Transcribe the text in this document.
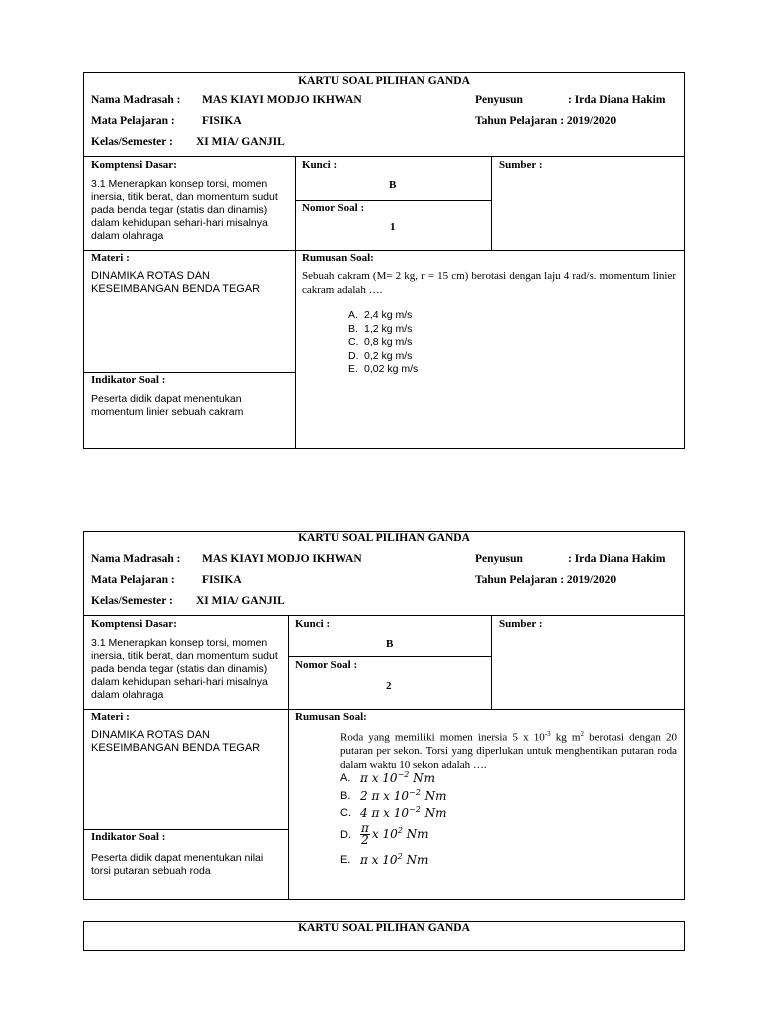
KARTU SOAL PILIHAN GANDA
Nama Madrasah : MAS KIAYI MODJO IKHWAN	Penyusun	: Irda Diana Hakim
Mata Pelajaran : FISIKA	Tahun Pelajaran : 2019/2020
Kelas/Semester : XI MIA/ GANJIL
Komptensi Dasar:
3.1 Menerapkan konsep torsi, momen inersia, titik berat, dan momentum sudut pada benda tegar (statis dan dinamis) dalam kehidupan sehari-hari misalnya dalam olahraga
Kunci :
B
Nomor Soal :
1
Sumber :
Materi :
DINAMIKA ROTAS DAN KESEIMBANGAN BENDA TEGAR
Rumusan Soal:
Sebuah cakram (M= 2 kg, r = 15 cm) berotasi dengan laju 4 rad/s. momentum linier cakram adalah ….
A. 2,4 kg m/s
B. 1,2 kg m/s
C. 0,8 kg m/s
D. 0,2 kg m/s
E. 0,02 kg m/s
Indikator Soal :
Peserta didik dapat menentukan momentum linier sebuah cakram
KARTU SOAL PILIHAN GANDA
Nama Madrasah : MAS KIAYI MODJO IKHWAN	Penyusun	: Irda Diana Hakim
Mata Pelajaran : FISIKA	Tahun Pelajaran : 2019/2020
Kelas/Semester : XI MIA/ GANJIL
Komptensi Dasar:
3.1 Menerapkan konsep torsi, momen inersia, titik berat, dan momentum sudut pada benda tegar (statis dan dinamis) dalam kehidupan sehari-hari misalnya dalam olahraga
Kunci :
B
Nomor Soal :
2
Sumber :
Materi :
DINAMIKA ROTAS DAN KESEIMBANGAN BENDA TEGAR
Rumusan Soal:
Roda yang memiliki momen inersia 5 x $10^{-3}$ kg $m^2$ berotasi dengan 20 putaran per sekon. Torsi yang diperlukan untuk menghentikan putaran roda dalam waktu 10 sekon adalah ….
A. π x $10^{-2}$ Nm
B. 2 π x $10^{-2}$ Nm
C. 4 π x $10^{-2}$ Nm
D. $\frac{\pi}{2}$ x $10^2$ Nm
E. π x $10^2$ Nm
Indikator Soal :
Peserta didik dapat menentukan nilai torsi putaran sebuah roda
KARTU SOAL PILIHAN GANDA
